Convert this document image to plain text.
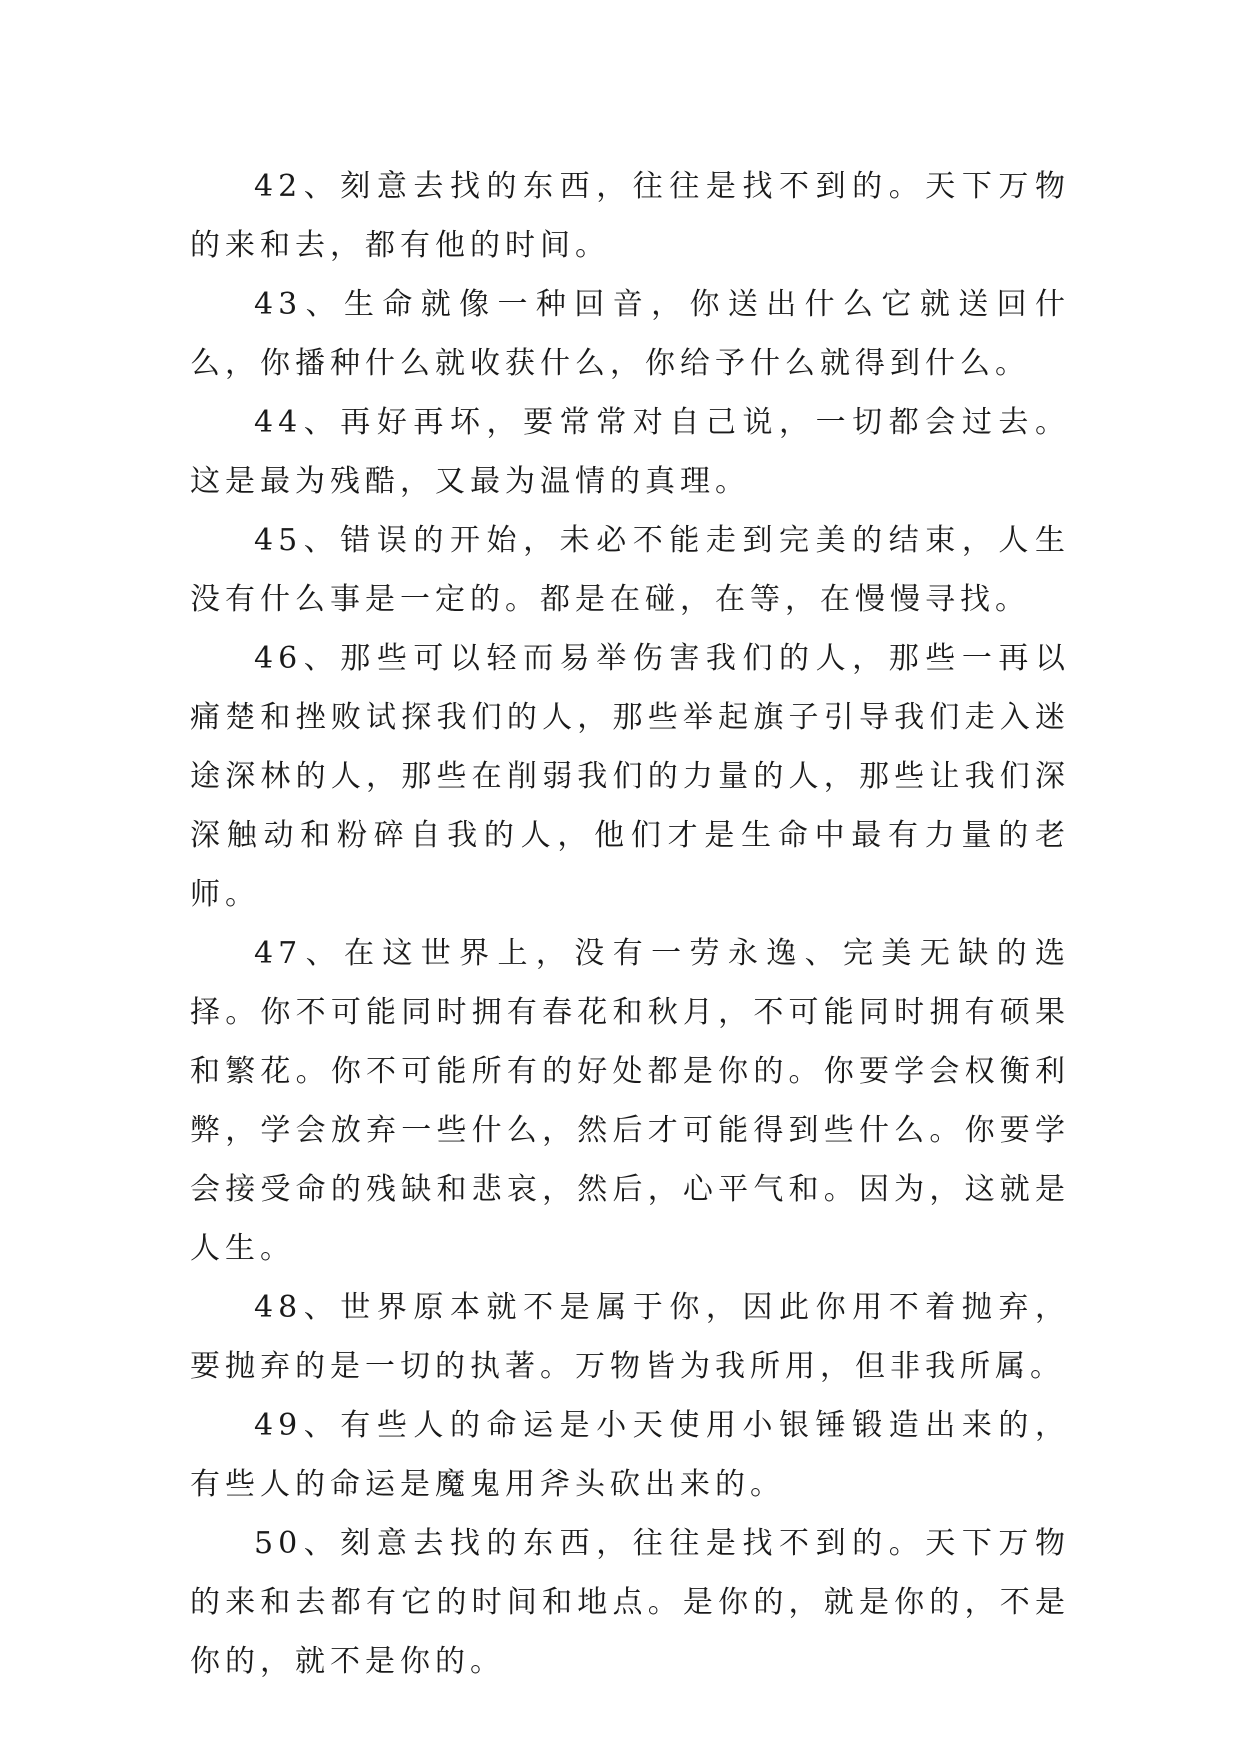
42、刻意去找的东西，往往是找不到的。天下万物的来和去，都有他的时间。

43、生命就像一种回音，你送出什么它就送回什么，你播种什么就收获什么，你给予什么就得到什么。

44、再好再坏，要常常对自己说，一切都会过去。这是最为残酷，又最为温情的真理。

45、错误的开始，未必不能走到完美的结束，人生没有什么事是一定的。都是在碰，在等，在慢慢寻找。

46、那些可以轻而易举伤害我们的人，那些一再以痛楚和挫败试探我们的人，那些举起旗子引导我们走入迷途深林的人，那些在削弱我们的力量的人，那些让我们深深触动和粉碎自我的人，他们才是生命中最有力量的老师。

47、在这世界上，没有一劳永逸、完美无缺的选择。你不可能同时拥有春花和秋月，不可能同时拥有硕果和繁花。你不可能所有的好处都是你的。你要学会权衡利弊，学会放弃一些什么，然后才可能得到些什么。你要学会接受命的残缺和悲哀，然后，心平气和。因为，这就是人生。

48、世界原本就不是属于你，因此你用不着抛弃，要抛弃的是一切的执著。万物皆为我所用，但非我所属。

49、有些人的命运是小天使用小银锤锻造出来的，有些人的命运是魔鬼用斧头砍出来的。

50、刻意去找的东西，往往是找不到的。天下万物的来和去都有它的时间和地点。是你的，就是你的，不是你的，就不是你的。
